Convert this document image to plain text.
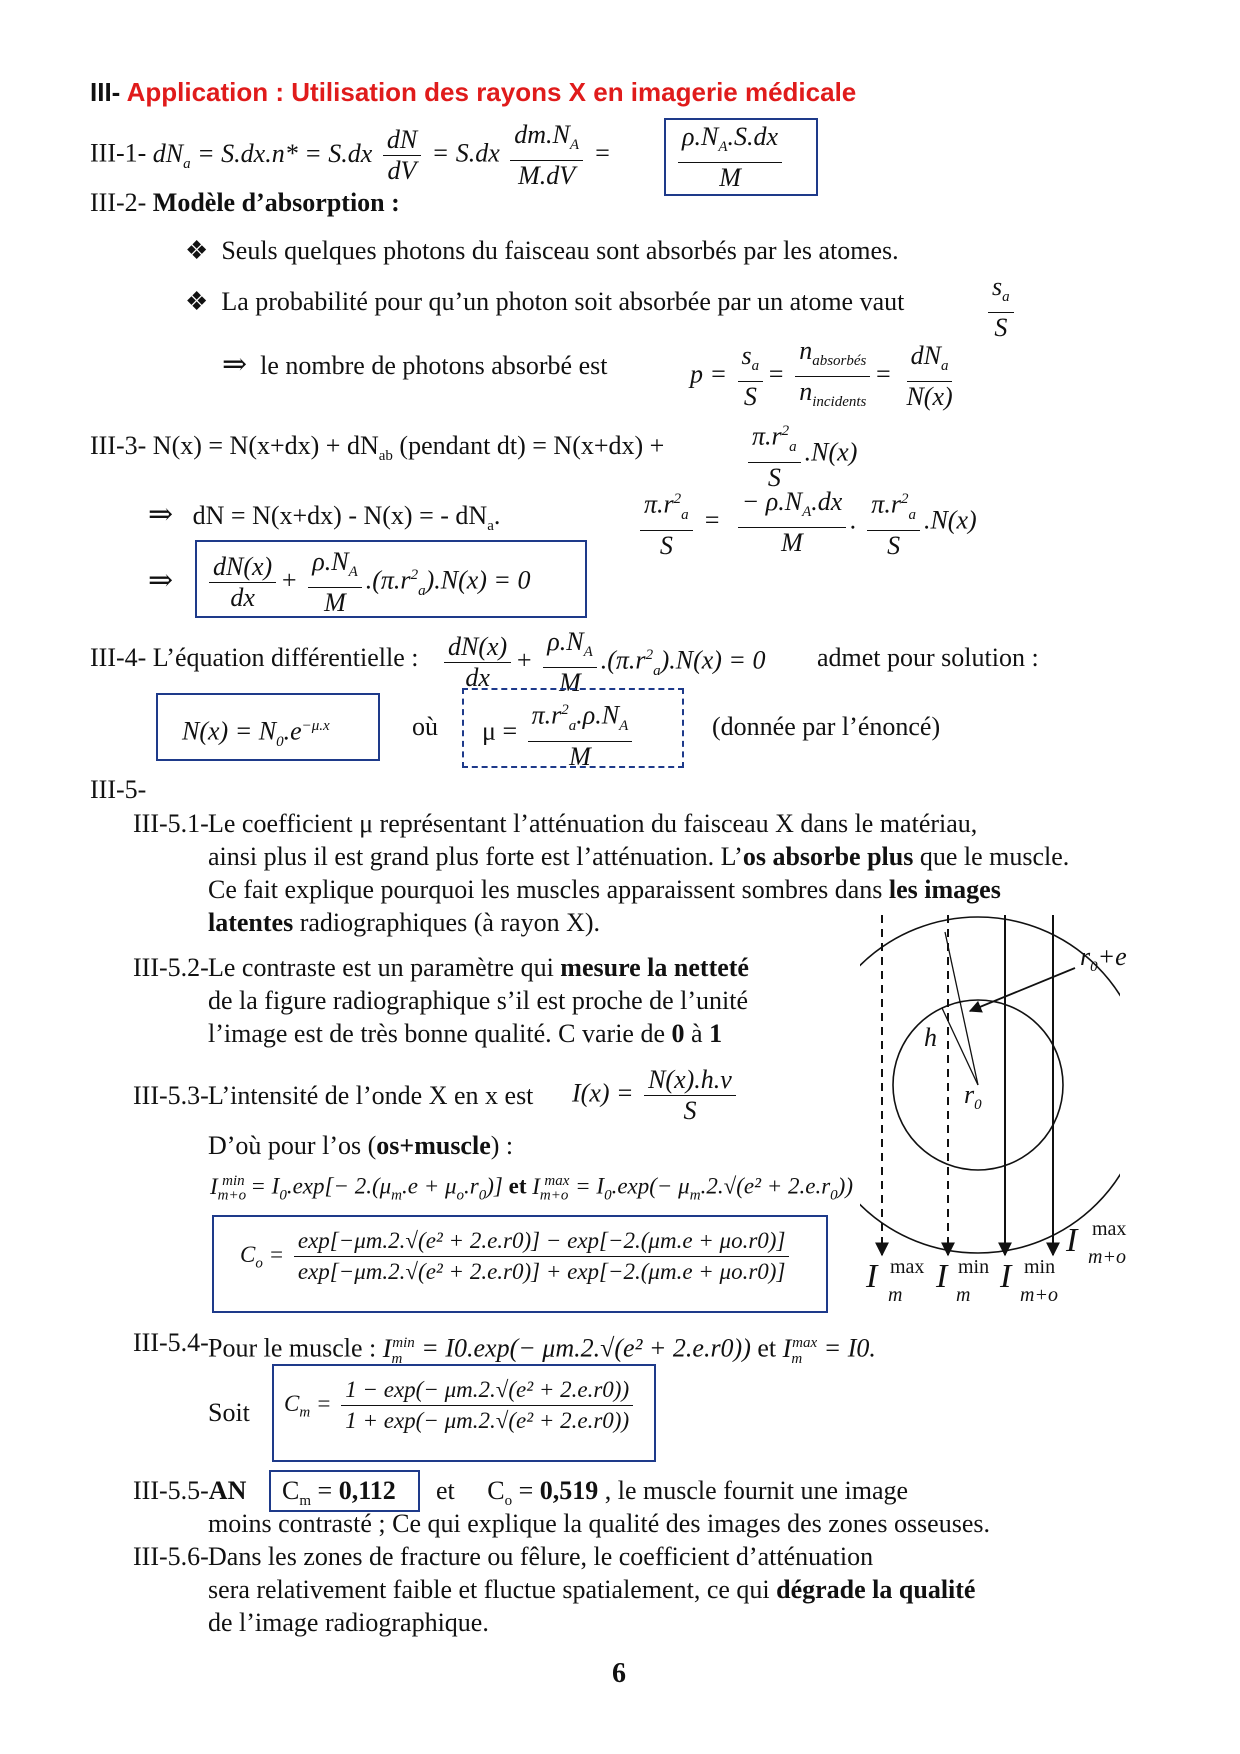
III- Application : Utilisation des rayons X en imagerie médicale
III-1- $dN_a = S.dx.n* = S.dx \frac{dN}{dV} = S.dx \frac{dm.N_A}{M.dV}$ =	$\frac{\rho.N_A.S.dx}{M}$
III-2- Modèle d’absorption :
❖ Seuls quelques photons du faisceau sont absorbés par les atomes.
❖ La probabilité pour qu’un photon soit absorbée par un atome vaut	$\frac{s_a}{S}$
⇒ le nombre de photons absorbé est	$p = \frac{s_a}{S} = \frac{n_{absorbés}}{n_{incidents}} = \frac{dN_a}{N(x)}$
III-3- $N(x) = N(x+dx) + dN_{ab}$ (pendant dt) = N(x+dx) +	$\frac{\pi.r^2_a}{S} .N(x)$
⇒ dN = N(x+dx) - N(x) = - $dN_a$.	$\frac{\pi.r^2_a}{S} = \frac{- \rho.N_A.dx}{M}$ . $\frac{\pi.r^2_a}{S} .N(x)$
⇒ $\frac{dN(x)}{dx} + \frac{\rho.N_A}{M} .(\pi.r^2_a).N(x) = 0$
III-4- L’équation différentielle : $\frac{dN(x)}{dx} + \frac{\rho.N_A}{M} .(\pi.r^2_a).N(x) = 0$ admet pour solution :
$N(x) = N_0.e^{-\mu.x}$	où $\mu = \frac{\pi.r^2_a.\rho.N_A}{M}$	(donnée par l’énoncé)
III-5-
III-5.1- Le coefficient μ représentant l’atténuation du faisceau X dans le matériau,
ainsi plus il est grand plus forte est l’atténuation. L’os absorbe plus que le muscle.
Ce fait explique pourquoi les muscles apparaissent sombres dans les images
latentes radiographiques (à rayon X).
III-5.2- Le contraste est un paramètre qui mesure la netteté
de la figure radiographique s’il est proche de l’unité
l’image est de très bonne qualité. C varie de 0 à 1
III-5.3- L’intensité de l’onde X en x est $I(x) = \frac{N(x).h.\nu}{S}$
D’où pour l’os (os+muscle) :
$I_{m+o}^{min} = I_0.\exp[- 2.(\mu_m.e + \mu_o.r_0)]$ et $I_{m+o}^{max} = I_0.\exp(- \mu_m.2.√(e^2 + 2.e.r_0))$
$C_o = \frac{\text{exp[−μm.2.√(e² + 2.e.r0)] − exp[−2.(μm.e + μo.r0)]}}{\text{exp[−μm.2.√(e² + 2.e.r0)] + exp[−2.(μm.e + μo.r0)]}}$
III-5.4- Pour le muscle : $I_m^{min} = I0.\exp(- \mu m.2.√(e^2 + 2.e.r0))$ et $I_m^{max} = I0$.
Soit $C_m = \frac{\text{1 − exp(− μm.2.√(e² + 2.e.r0))}}{\text{1 + exp(− μm.2.√(e² + 2.e.r0))}}$
III-5.5-AN $C_m = 0,112$ et $C_o = 0,519$ , le muscle fournit une image
moins contrasté ; Ce qui explique la qualité des images des zones osseuses.
III-5.6- Dans les zones de fracture ou fêlure, le coefficient d’atténuation
sera relativement faible et fluctue spatialement, ce qui dégrade la qualité
de l’image radiographique.
$r_0+e$
h
$r_0$
I max
m I min
m I min
m+o
I max
m+o
6
